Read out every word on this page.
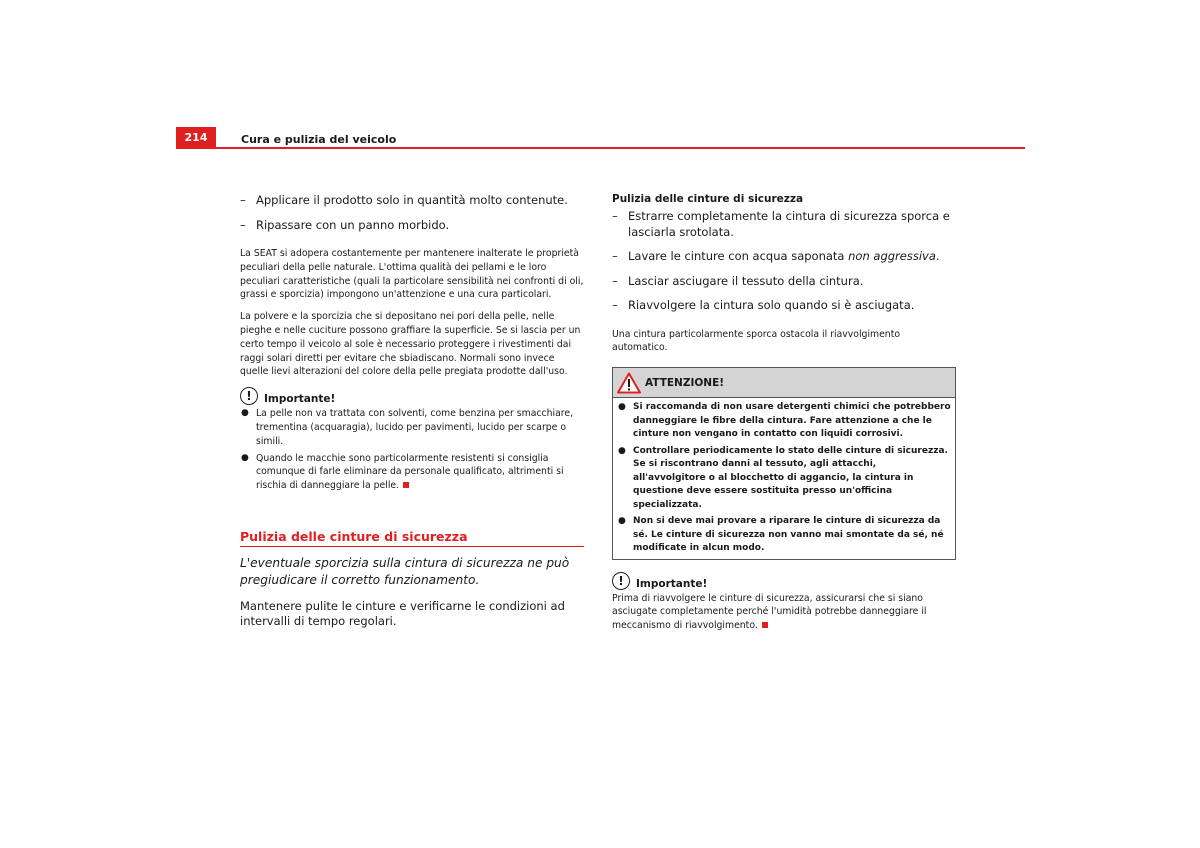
214	Cura e pulizia del veicolo
– Applicare il prodotto solo in quantità molto contenute.
– Ripassare con un panno morbido.

La SEAT si adopera costantemente per mantenere inalterate le proprietà peculiari della pelle naturale. L'ottima qualità dei pellami e le loro peculiari caratteristiche (quali la particolare sensibilità nei confronti di oli, grassi e sporcizia) impongono un'attenzione e una cura particolari.

La polvere e la sporcizia che si depositano nei pori della pelle, nelle pieghe e nelle cuciture possono graffiare la superficie. Se si lascia per un certo tempo il veicolo al sole è necessario proteggere i rivestimenti dai raggi solari diretti per evitare che sbiadiscano. Normali sono invece quelle lievi alterazioni del colore della pelle pregiata prodotte dall'uso.

!	Importante!
● La pelle non va trattata con solventi, come benzina per smacchiare, trementina (acquaragia), lucido per pavimenti, lucido per scarpe o simili.
● Quando le macchie sono particolarmente resistenti si consiglia comunque di farle eliminare da personale qualificato, altrimenti si rischia di danneggiare la pelle.
Pulizia delle cinture di sicurezza

L'eventuale sporcizia sulla cintura di sicurezza ne può pregiudicare il corretto funzionamento.

Mantenere pulite le cinture e verificarne le condizioni ad intervalli di tempo regolari.

Pulizia delle cinture di sicurezza

– Estrarre completamente la cintura di sicurezza sporca e lasciarla srotolata.
– Lavare le cinture con acqua saponata non aggressiva.
– Lasciar asciugare il tessuto della cintura.
– Riavvolgere la cintura solo quando si è asciugata.

Una cintura particolarmente sporca ostacola il riavvolgimento automatico.

ATTENZIONE!
● Si raccomanda di non usare detergenti chimici che potrebbero danneggiare le fibre della cintura. Fare attenzione a che le cinture non vengano in contatto con liquidi corrosivi.
● Controllare periodicamente lo stato delle cinture di sicurezza. Se si riscontrano danni al tessuto, agli attacchi, all'avvolgitore o al blocchetto di aggancio, la cintura in questione deve essere sostituita presso un'officina specializzata.
● Non si deve mai provare a riparare le cinture di sicurezza da sé. Le cinture di sicurezza non vanno mai smontate da sé, né modificate in alcun modo.
!	Importante!

Prima di riavvolgere le cinture di sicurezza, assicurarsi che si siano asciugate completamente perché l'umidità potrebbe danneggiare il meccanismo di riavvolgimento.
